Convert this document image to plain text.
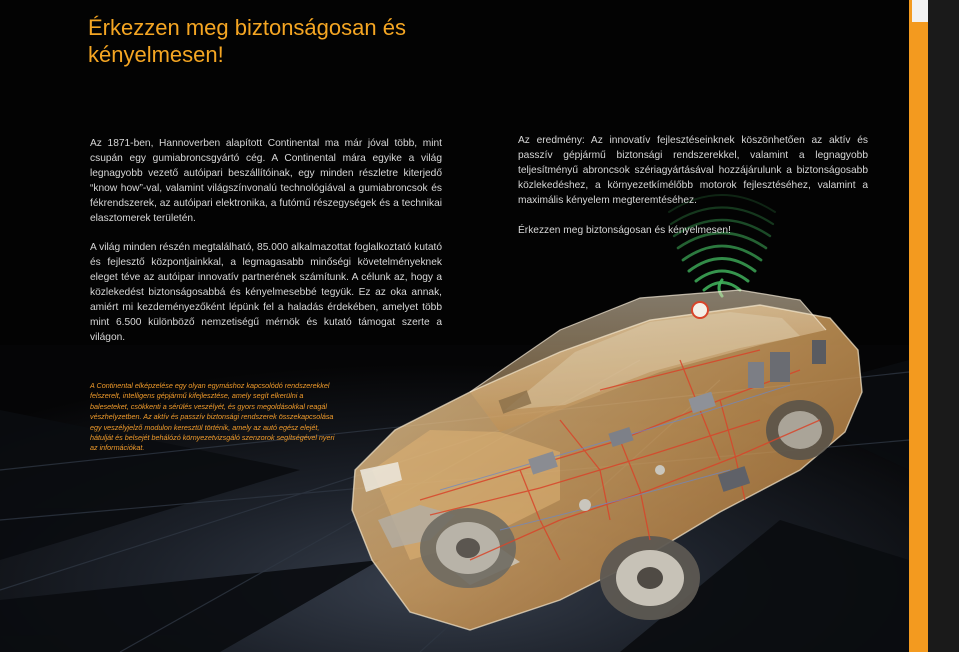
Érkezzen meg biztonságosan és
kényelmesen!

Az 1871-ben, Hannoverben alapított Continental ma már jóval több, mint csupán egy gumiabroncsgyártó cég. A Continental mára egyike a világ legnagyobb vezető autóipari beszállítóinak, egy minden részletre kiterjedő “know how”-val, valamint világszínvonalú technológiával a gumiabroncsok és fékrendszerek, az autóipari elektronika, a futómű részegységek és a technikai elasztomerek területén.

A világ minden részén megtalálható, 85.000 alkalmazottat foglalkoztató kutató és fejlesztő központjainkkal, a legmagasabb minőségi követelményeknek eleget téve az autóipar innovatív partnerének számítunk. A célunk az, hogy a közlekedést biztonságosabbá és kényelmesebbé tegyük. Ez az oka annak, amiért mi kezdeményezőként lépünk fel a haladás érdekében, amelyet több mint 6.500 különböző nemzetiségű mérnök és kutató támogat szerte a világon.

Az eredmény: Az innovatív fejlesztéseinknek köszönhetően az aktív és passzív gépjármű biztonsági rendszerekkel, valamint a legnagyobb teljesítményű abroncsok szériagyártásával hozzájárulunk a biztonságosabb közlekedéshez, a környezetkímélőbb motorok fejlesztéséhez, valamint a maximális kényelem megteremtéséhez.

Érkezzen meg biztonságosan és kényelmesen!

A Continental elképzelése egy olyan egymáshoz kapcsolódó rendszerekkel felszerelt, intelligens gépjármű kifejlesztése, amely segít elkerülni a baleseteket, csökkenti a sérülés veszélyét, és gyors megoldásokkal reagál vészhelyzetben. Az aktív és passzív biztonsági rendszerek összekapcsolása egy veszélyjelző modulon keresztül történik, amely az autó egész elejét, hátulját és belsejét behálózó környezetvizsgáló szenzorok segítségével nyeri az információkat.
